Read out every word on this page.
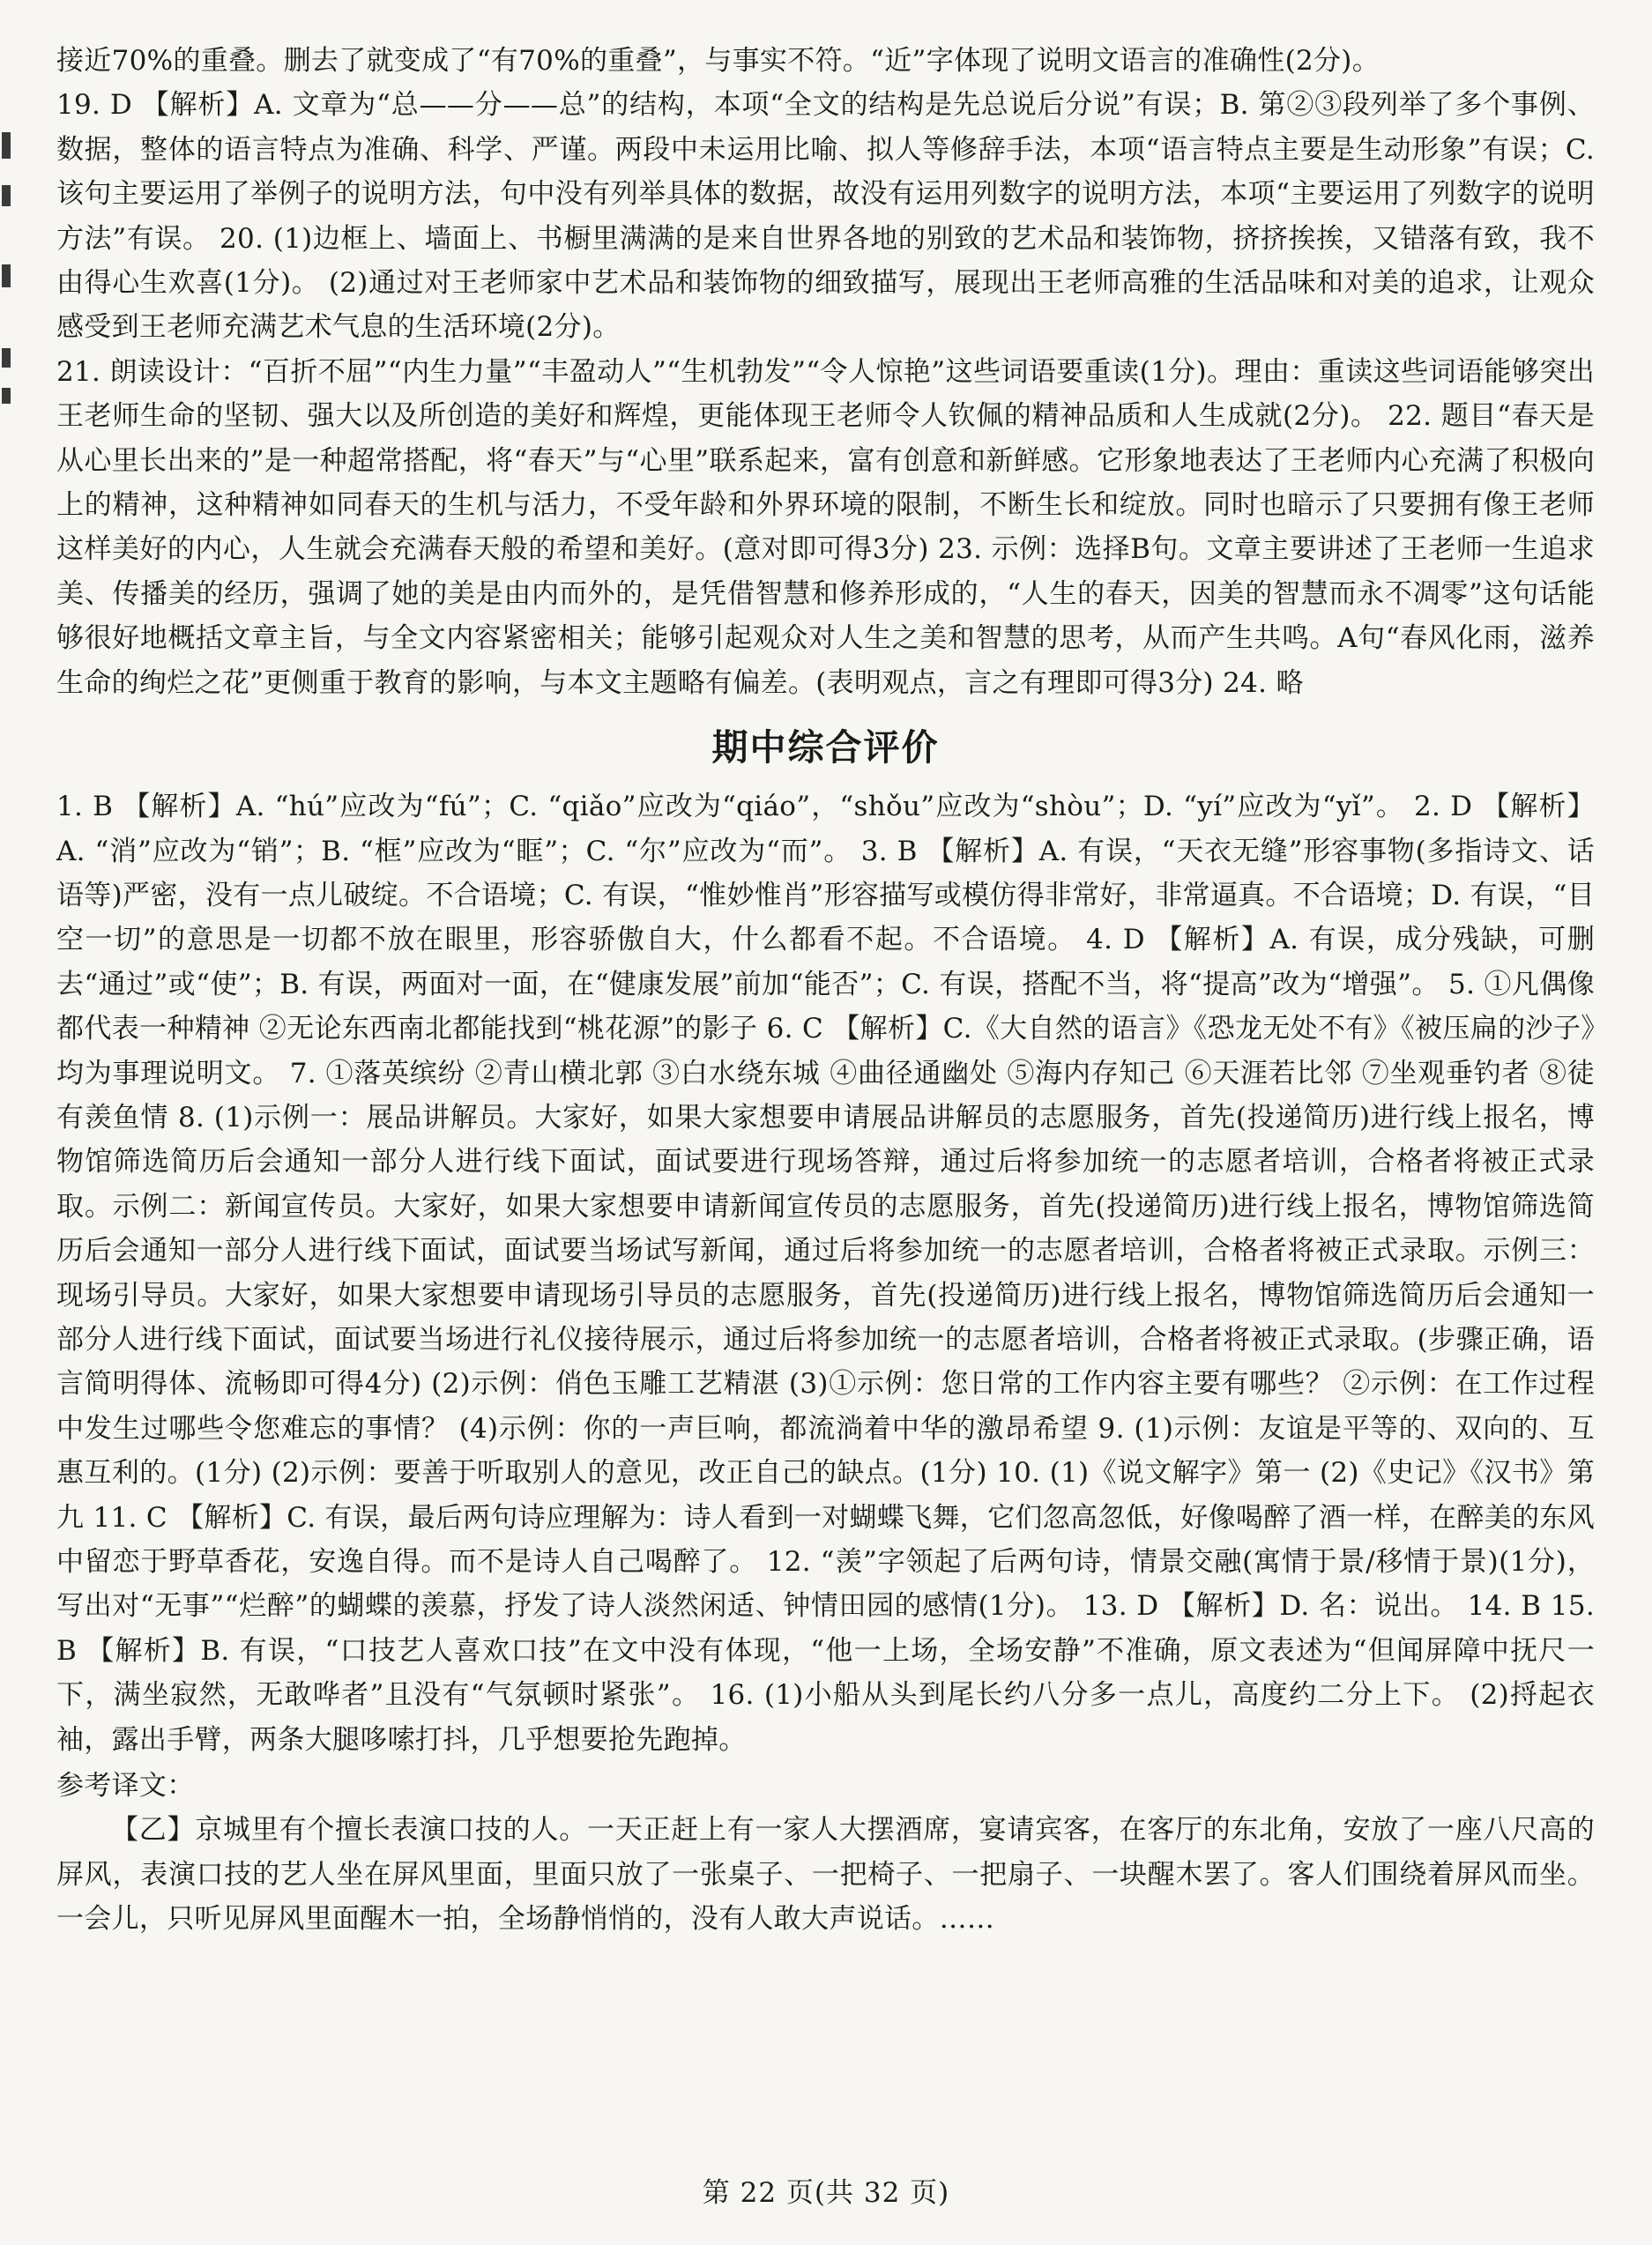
接近70%的重叠。删去了就变成了“有70%的重叠”，与事实不符。“近”字体现了说明文语言的准确性(2分)。

19. D 【解析】A. 文章为“总——分——总”的结构，本项“全文的结构是先总说后分说”有误；B. 第②③段列举了多个事例、数据，整体的语言特点为准确、科学、严谨。两段中未运用比喻、拟人等修辞手法，本项“语言特点主要是生动形象”有误；C. 该句主要运用了举例子的说明方法，句中没有列举具体的数据，故没有运用列数字的说明方法，本项“主要运用了列数字的说明方法”有误。 20. (1)边框上、墙面上、书橱里满满的是来自世界各地的别致的艺术品和装饰物，挤挤挨挨，又错落有致，我不由得心生欢喜(1分)。 (2)通过对王老师家中艺术品和装饰物的细致描写，展现出王老师高雅的生活品味和对美的追求，让观众感受到王老师充满艺术气息的生活环境(2分)。

21. 朗读设计：“百折不屈”“内生力量”“丰盈动人”“生机勃发”“令人惊艳”这些词语要重读(1分)。理由：重读这些词语能够突出王老师生命的坚韧、强大以及所创造的美好和辉煌，更能体现王老师令人钦佩的精神品质和人生成就(2分)。 22. 题目“春天是从心里长出来的”是一种超常搭配，将“春天”与“心里”联系起来，富有创意和新鲜感。它形象地表达了王老师内心充满了积极向上的精神，这种精神如同春天的生机与活力，不受年龄和外界环境的限制，不断生长和绽放。同时也暗示了只要拥有像王老师这样美好的内心，人生就会充满春天般的希望和美好。(意对即可得3分) 23. 示例：选择B句。文章主要讲述了王老师一生追求美、传播美的经历，强调了她的美是由内而外的，是凭借智慧和修养形成的，“人生的春天，因美的智慧而永不凋零”这句话能够很好地概括文章主旨，与全文内容紧密相关；能够引起观众对人生之美和智慧的思考，从而产生共鸣。A句“春风化雨，滋养生命的绚烂之花”更侧重于教育的影响，与本文主题略有偏差。(表明观点，言之有理即可得3分) 24. 略

期中综合评价

1. B 【解析】A. “hú”应改为“fú”；C. “qiǎo”应改为“qiáo”，“shǒu”应改为“shòu”；D. “yí”应改为“yǐ”。 2. D 【解析】A. “消”应改为“销”；B. “框”应改为“眶”；C. “尔”应改为“而”。 3. B 【解析】A. 有误，“天衣无缝”形容事物(多指诗文、话语等)严密，没有一点儿破绽。不合语境；C. 有误，“惟妙惟肖”形容描写或模仿得非常好，非常逼真。不合语境；D. 有误，“目空一切”的意思是一切都不放在眼里，形容骄傲自大，什么都看不起。不合语境。 4. D 【解析】A. 有误，成分残缺，可删去“通过”或“使”；B. 有误，两面对一面，在“健康发展”前加“能否”；C. 有误，搭配不当，将“提高”改为“增强”。 5. ①凡偶像都代表一种精神 ②无论东西南北都能找到“桃花源”的影子 6. C 【解析】C.《大自然的语言》《恐龙无处不有》《被压扁的沙子》均为事理说明文。 7. ①落英缤纷 ②青山横北郭 ③白水绕东城 ④曲径通幽处 ⑤海内存知己 ⑥天涯若比邻 ⑦坐观垂钓者 ⑧徒有羡鱼情 8. (1)示例一：展品讲解员。大家好，如果大家想要申请展品讲解员的志愿服务，首先(投递简历)进行线上报名，博物馆筛选简历后会通知一部分人进行线下面试，面试要进行现场答辩，通过后将参加统一的志愿者培训，合格者将被正式录取。示例二：新闻宣传员。大家好，如果大家想要申请新闻宣传员的志愿服务，首先(投递简历)进行线上报名，博物馆筛选简历后会通知一部分人进行线下面试，面试要当场试写新闻，通过后将参加统一的志愿者培训，合格者将被正式录取。示例三：现场引导员。大家好，如果大家想要申请现场引导员的志愿服务，首先(投递简历)进行线上报名，博物馆筛选简历后会通知一部分人进行线下面试，面试要当场进行礼仪接待展示，通过后将参加统一的志愿者培训，合格者将被正式录取。(步骤正确，语言简明得体、流畅即可得4分) (2)示例：俏色玉雕工艺精湛 (3)①示例：您日常的工作内容主要有哪些？ ②示例：在工作过程中发生过哪些令您难忘的事情？ (4)示例：你的一声巨响，都流淌着中华的激昂希望 9. (1)示例：友谊是平等的、双向的、互惠互利的。(1分) (2)示例：要善于听取别人的意见，改正自己的缺点。(1分) 10. (1)《说文解字》第一 (2)《史记》《汉书》第九 11. C 【解析】C. 有误，最后两句诗应理解为：诗人看到一对蝴蝶飞舞，它们忽高忽低，好像喝醉了酒一样，在醉美的东风中留恋于野草香花，安逸自得。而不是诗人自己喝醉了。 12. “羡”字领起了后两句诗，情景交融(寓情于景/移情于景)(1分)，写出对“无事”“烂醉”的蝴蝶的羡慕，抒发了诗人淡然闲适、钟情田园的感情(1分)。 13. D 【解析】D. 名：说出。 14. B 15. B 【解析】B. 有误，“口技艺人喜欢口技”在文中没有体现，“他一上场，全场安静”不准确，原文表述为“但闻屏障中抚尺一下，满坐寂然，无敢哗者”且没有“气氛顿时紧张”。 16. (1)小船从头到尾长约八分多一点儿，高度约二分上下。 (2)捋起衣袖，露出手臂，两条大腿哆嗦打抖，几乎想要抢先跑掉。

参考译文：

【乙】京城里有个擅长表演口技的人。一天正赶上有一家人大摆酒席，宴请宾客，在客厅的东北角，安放了一座八尺高的屏风，表演口技的艺人坐在屏风里面，里面只放了一张桌子、一把椅子、一把扇子、一块醒木罢了。客人们围绕着屏风而坐。一会儿，只听见屏风里面醒木一拍，全场静悄悄的，没有人敢大声说话。……

第 22 页(共 32 页)
